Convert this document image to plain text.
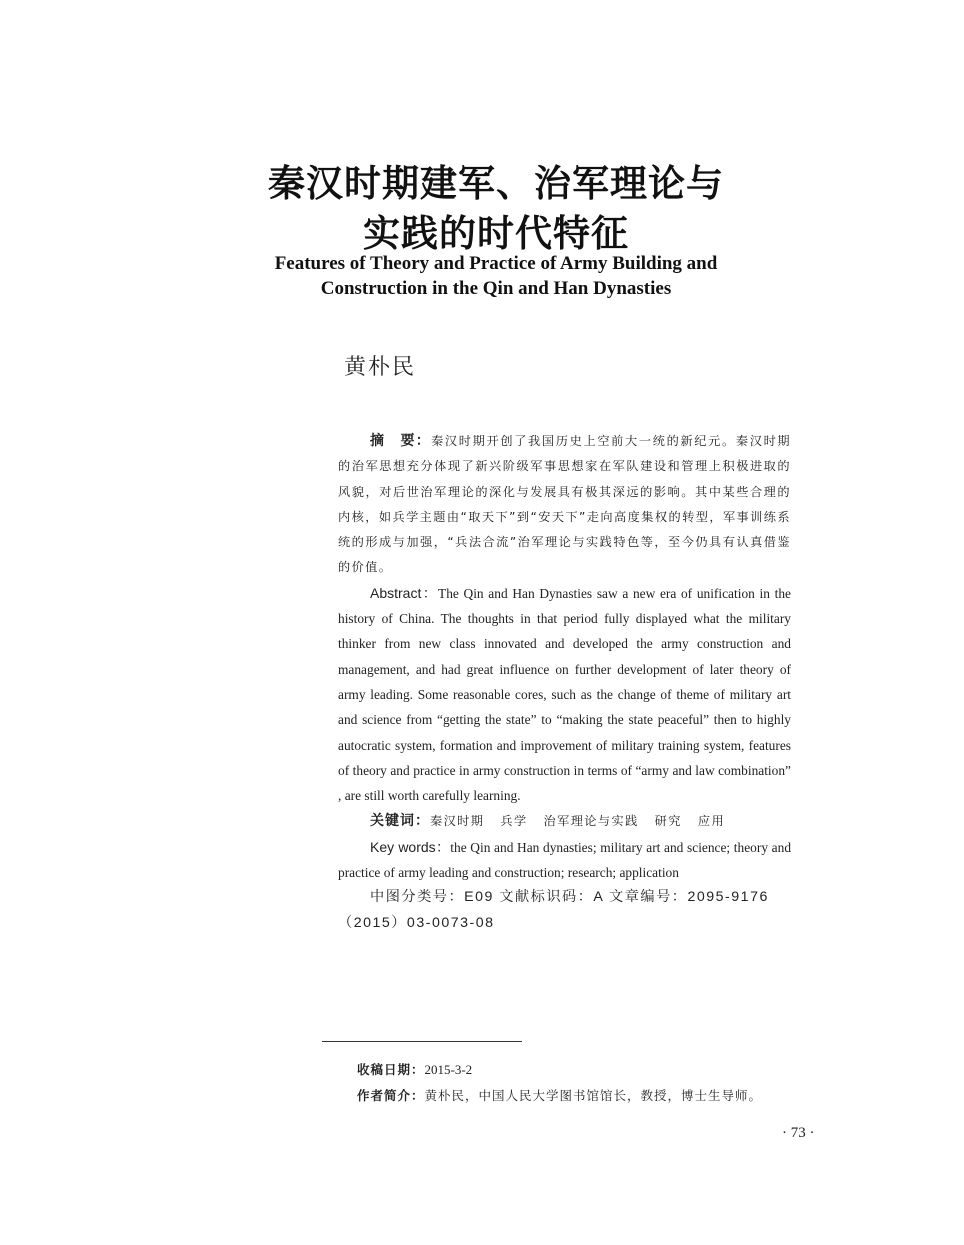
秦汉时期建军、治军理论与
实践的时代特征
Features of Theory and Practice of Army Building and
Construction in the Qin and Han Dynasties
黄朴民

摘　要：秦汉时期开创了我国历史上空前大一统的新纪元。秦汉时期的治军思想充分体现了新兴阶级军事思想家在军队建设和管理上积极进取的风貌，对后世治军理论的深化与发展具有极其深远的影响。其中某些合理的内核，如兵学主题由“取天下”到“安天下”走向高度集权的转型，军事训练系统的形成与加强，“兵法合流”治军理论与实践特色等，至今仍具有认真借鉴的价值。

Abstract：The Qin and Han Dynasties saw a new era of unification in the history of China. The thoughts in that period fully displayed what the military thinker from new class innovated and developed the army construction and management, and had great influence on further development of later theory of army leading. Some reasonable cores, such as the change of theme of military art and science from “getting the state” to “making the state peaceful” then to highly autocratic system, formation and improvement of military training system, features of theory and practice in army construction in terms of “army and law combination” , are still worth carefully learning.

关键词：秦汉时期 兵学 治军理论与实践 研究 应用

Key words：the Qin and Han dynasties; military art and science; theory and practice of army leading and construction; research; application

中图分类号：E09 文献标识码：A 文章编号：2095-9176

（2015）03-0073-08

收稿日期：2015-3-2
作者简介：黄朴民，中国人民大学图书馆馆长，教授，博士生导师。
· 73 ·
